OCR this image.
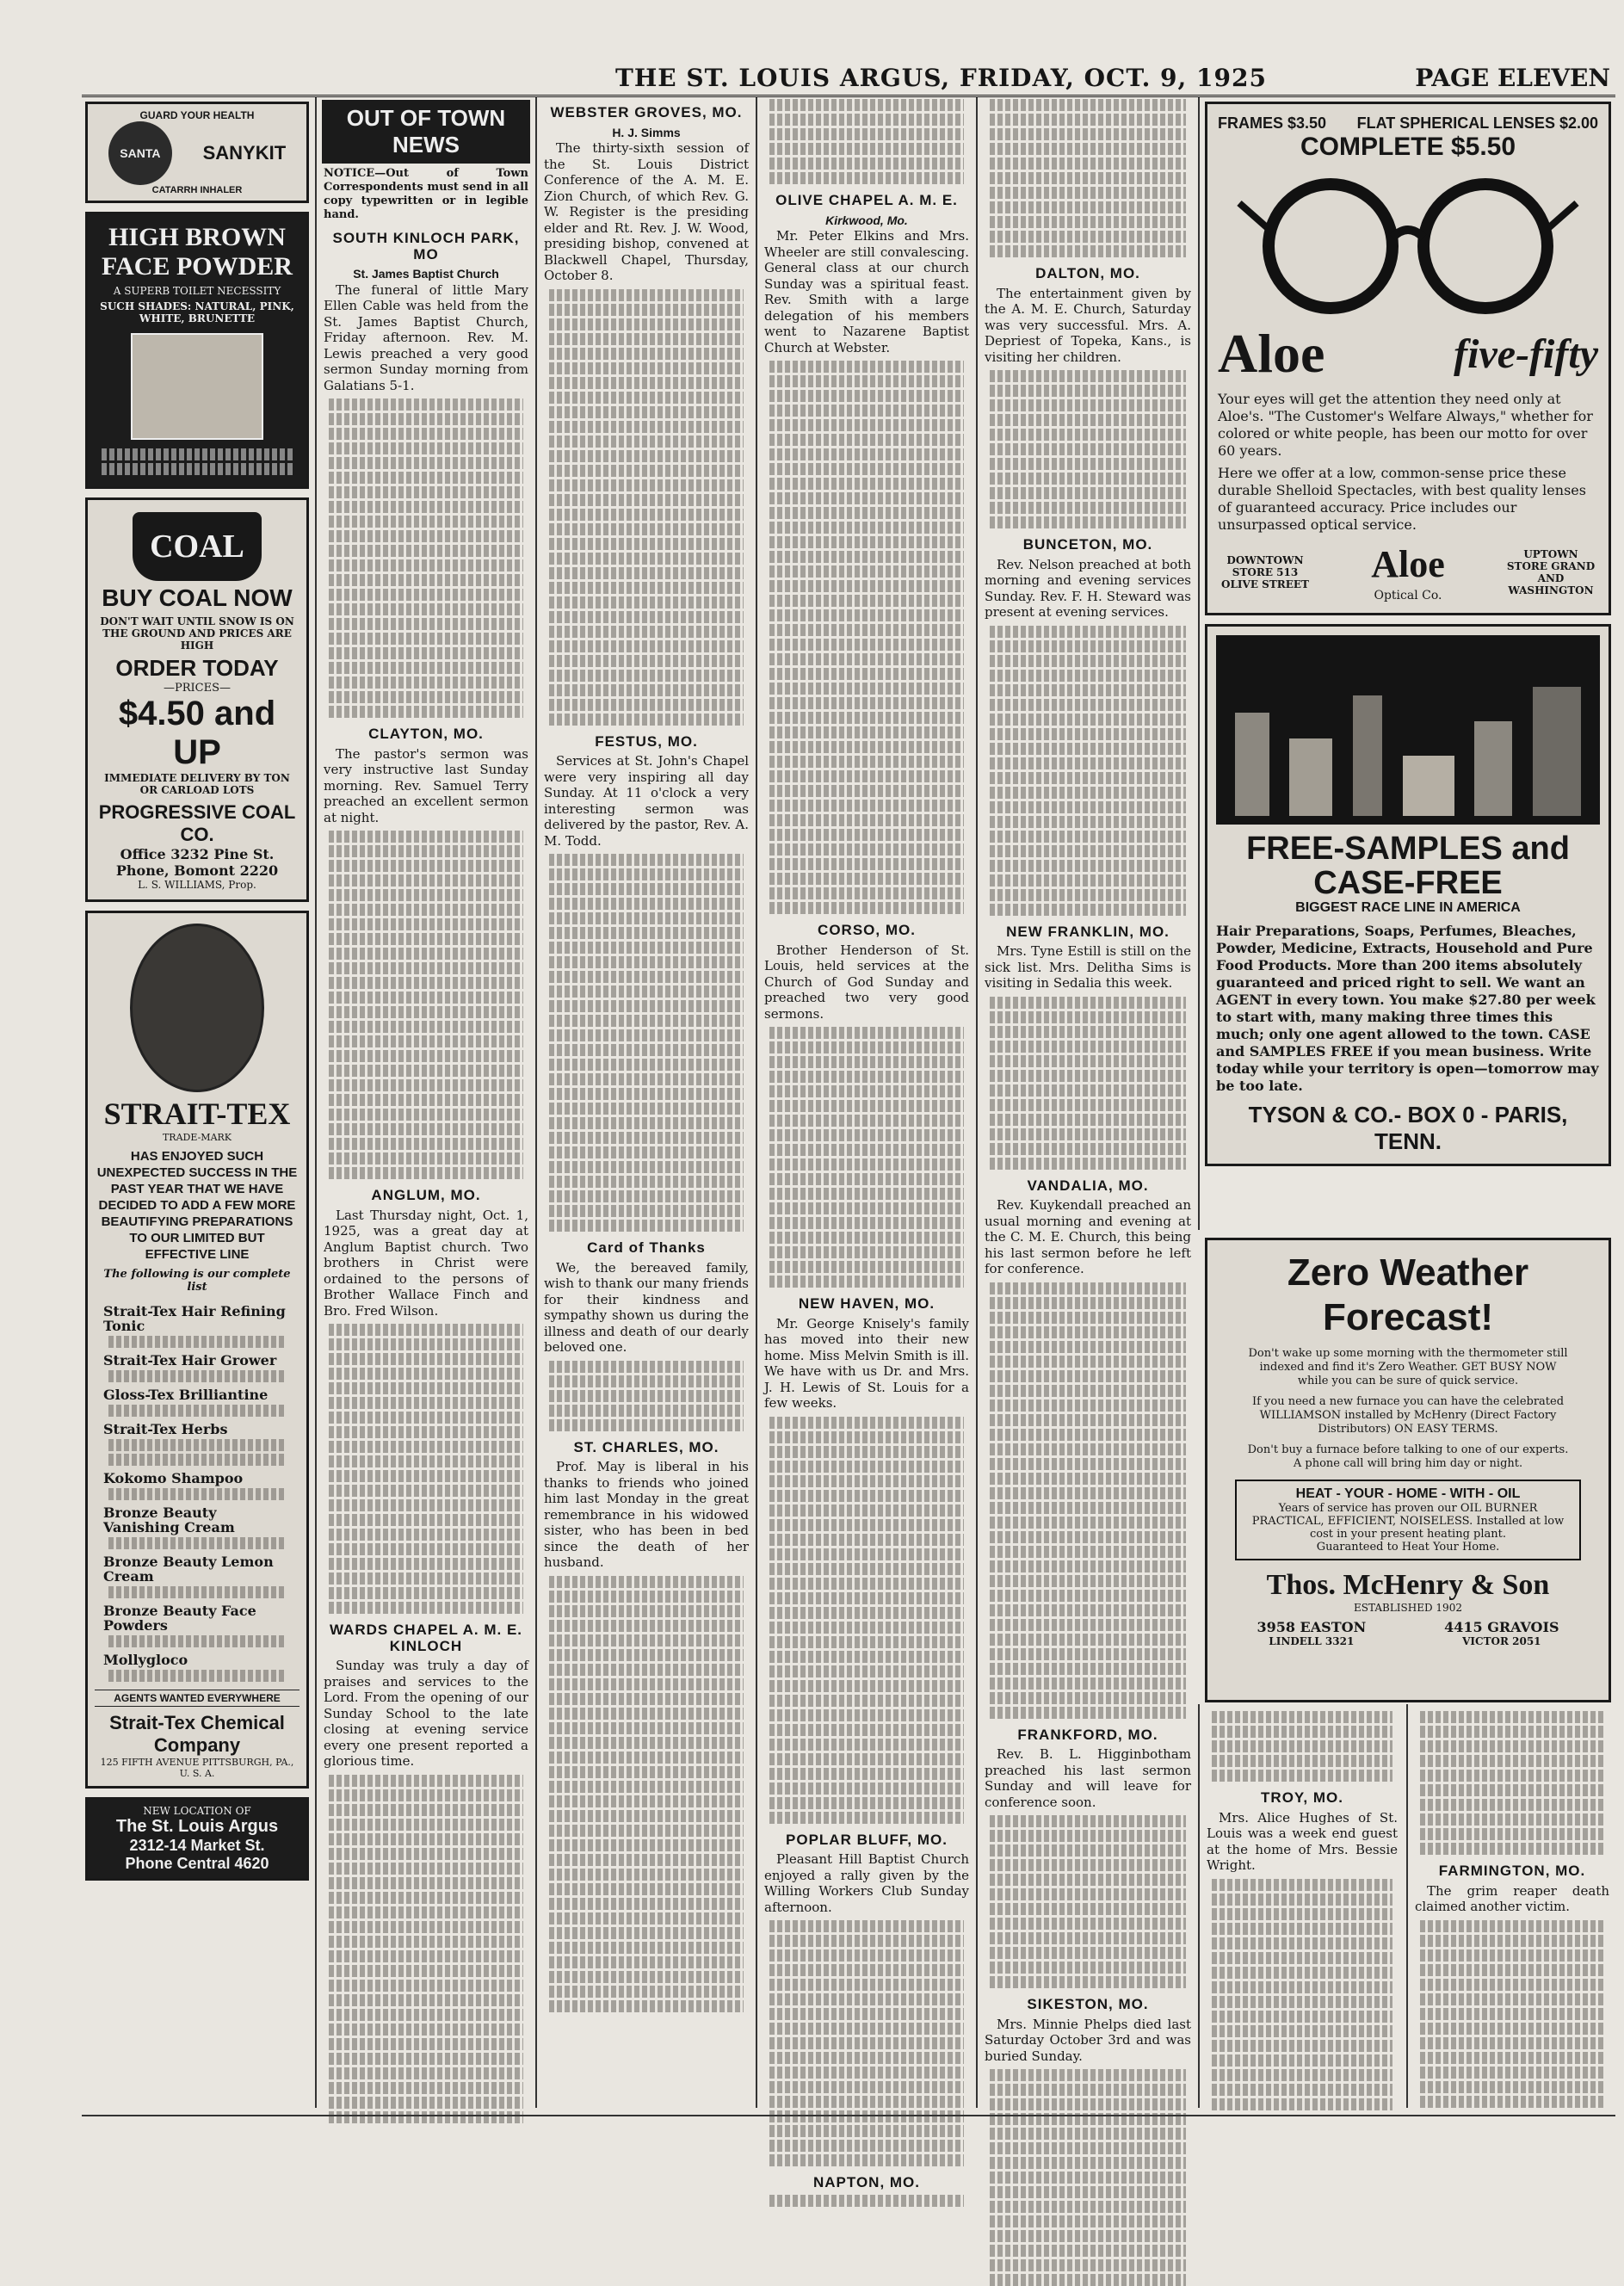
THE ST. LOUIS ARGUS, FRIDAY, OCT. 9, 1925	PAGE ELEVEN
GUARD YOUR HEALTH
SANTA	SANYKIT
CATARRH INHALER
HIGH BROWN FACE POWDER
A SUPERB TOILET NECESSITY
SUCH SHADES: NATURAL, PINK, WHITE, BRUNETTE
COAL
BUY COAL NOW
DON'T WAIT UNTIL SNOW IS ON THE GROUND AND PRICES ARE HIGH
ORDER TODAY
—PRICES—
$4.50 and UP
IMMEDIATE DELIVERY BY TON OR CARLOAD LOTS
PROGRESSIVE COAL CO.
Office 3232 Pine St.
Phone, Bomont 2220
L. S. WILLIAMS, Prop.
STRAIT-TEX
TRADE-MARK
HAS ENJOYED SUCH UNEXPECTED SUCCESS IN THE PAST YEAR THAT WE HAVE DECIDED TO ADD A FEW MORE BEAUTIFYING PREPARATIONS TO OUR LIMITED BUT EFFECTIVE LINE
The following is our complete list
Strait-Tex Hair Refining Tonic
Strait-Tex Hair Grower
Gloss-Tex Brilliantine
Strait-Tex Herbs
Kokomo Shampoo
Bronze Beauty Vanishing Cream
Bronze Beauty Lemon Cream
Bronze Beauty Face Powders
Mollygloco
AGENTS WANTED EVERYWHERE
Strait-Tex Chemical Company
125 FIFTH AVENUE PITTSBURGH, PA., U. S. A.
NEW LOCATION OF
The St. Louis Argus
2312-14 Market St.
Phone Central 4620
OUT OF TOWN NEWS
NOTICE—Out of Town Correspondents must send in all copy typewritten or in legible hand.
SOUTH KINLOCH PARK, MO
St. James Baptist Church

The funeral of little Mary Ellen Cable was held from the St. James Baptist Church, Friday afternoon. Rev. M. Lewis preached a very good sermon Sunday morning from Galatians 5-1.

CLAYTON, MO.

The pastor's sermon was very instructive last Sunday morning. Rev. Samuel Terry preached an excellent sermon at night.

ANGLUM, MO.

Last Thursday night, Oct. 1, 1925, was a great day at Anglum Baptist church. Two brothers in Christ were ordained to the persons of Brother Wallace Finch and Bro. Fred Wilson.

WARDS CHAPEL A. M. E. KINLOCH

Sunday was truly a day of praises and services to the Lord. From the opening of our Sunday School to the late closing at evening service every one present reported a glorious time.

WEBSTER GROVES, MO.
H. J. Simms

The thirty-sixth session of the St. Louis District Conference of the A. M. E. Zion Church, of which Rev. G. W. Register is the presiding elder and Rt. Rev. J. W. Wood, presiding bishop, convened at Blackwell Chapel, Thursday, October 8.

FESTUS, MO.

Services at St. John's Chapel were very inspiring all day Sunday. At 11 o'clock a very interesting sermon was delivered by the pastor, Rev. A. M. Todd.

Card of Thanks

We, the bereaved family, wish to thank our many friends for their kindness and sympathy shown us during the illness and death of our dearly beloved one.

ST. CHARLES, MO.

Prof. May is liberal in his thanks to friends who joined him last Monday in the great remembrance in his widowed sister, who has been in bed since the death of her husband.

OLIVE CHAPEL A. M. E.
Kirkwood, Mo.

Mr. Peter Elkins and Mrs. Wheeler are still convalescing. General class at our church Sunday was a spiritual feast. Rev. Smith with a large delegation of his members went to Nazarene Baptist Church at Webster.

CORSO, MO.

Brother Henderson of St. Louis, held services at the Church of God Sunday and preached two very good sermons.

NEW HAVEN, MO.

Mr. George Knisely's family has moved into their new home. Miss Melvin Smith is ill. We have with us Dr. and Mrs. J. H. Lewis of St. Louis for a few weeks.

POPLAR BLUFF, MO.

Pleasant Hill Baptist Church enjoyed a rally given by the Willing Workers Club Sunday afternoon.

NAPTON, MO.
DALTON, MO.

The entertainment given by the A. M. E. Church, Saturday was very successful. Mrs. A. Depriest of Topeka, Kans., is visiting her children.

BUNCETON, MO.

Rev. Nelson preached at both morning and evening services Sunday. Rev. F. H. Steward was present at evening services.

NEW FRANKLIN, MO.

Mrs. Tyne Estill is still on the sick list. Mrs. Delitha Sims is visiting in Sedalia this week.

VANDALIA, MO.

Rev. Kuykendall preached an usual morning and evening at the C. M. E. Church, this being his last sermon before he left for conference.

FRANKFORD, MO.

Rev. B. L. Higginbotham preached his last sermon Sunday and will leave for conference soon.

SIKESTON, MO.

Mrs. Minnie Phelps died last Saturday October 3rd and was buried Sunday.

FRAMES $3.50 FLAT SPHERICAL LENSES $2.00
COMPLETE $5.50
Aloe	five-fifty
Your eyes will get the attention they need only at Aloe's. "The Customer's Welfare Always," whether for colored or white people, has been our motto for over 60 years.
Here we offer at a low, common-sense price these durable Shelloid Spectacles, with best quality lenses of guaranteed accuracy. Price includes our unsurpassed optical service.
DOWNTOWN STORE 513 OLIVE STREET Aloe
Optical Co.
UPTOWN STORE GRAND AND WASHINGTON
FREE-SAMPLES and CASE-FREE
BIGGEST RACE LINE IN AMERICA
Hair Preparations, Soaps, Perfumes, Bleaches, Powder, Medicine, Extracts, Household and Pure Food Products. More than 200 items absolutely guaranteed and priced right to sell. We want an AGENT in every town. You make $27.80 per week to start with, many making three times this much; only one agent allowed to the town. CASE and SAMPLES FREE if you mean business. Write today while your territory is open—tomorrow may be too late.
TYSON & CO.- BOX 0 - PARIS, TENN.
Zero Weather Forecast!
Don't wake up some morning with the thermometer still indexed and find it's Zero Weather. GET BUSY NOW while you can be sure of quick service.
If you need a new furnace you can have the celebrated WILLIAMSON installed by McHenry (Direct Factory Distributors) ON EASY TERMS.
Don't buy a furnace before talking to one of our experts. A phone call will bring him day or night.
HEAT - YOUR - HOME - WITH - OIL
Years of service has proven our OIL BURNER
PRACTICAL, EFFICIENT, NOISELESS. Installed at low cost in your present heating plant.
Guaranteed to Heat Your Home.
Thos. McHenry & Son
ESTABLISHED 1902
3958 EASTON
LINDELL 3321
4415 GRAVOIS
VICTOR 2051
TROY, MO.

Mrs. Alice Hughes of St. Louis was a week end guest at the home of Mrs. Bessie Wright.	FARMINGTON, MO.

The grim reaper death claimed another victim.
